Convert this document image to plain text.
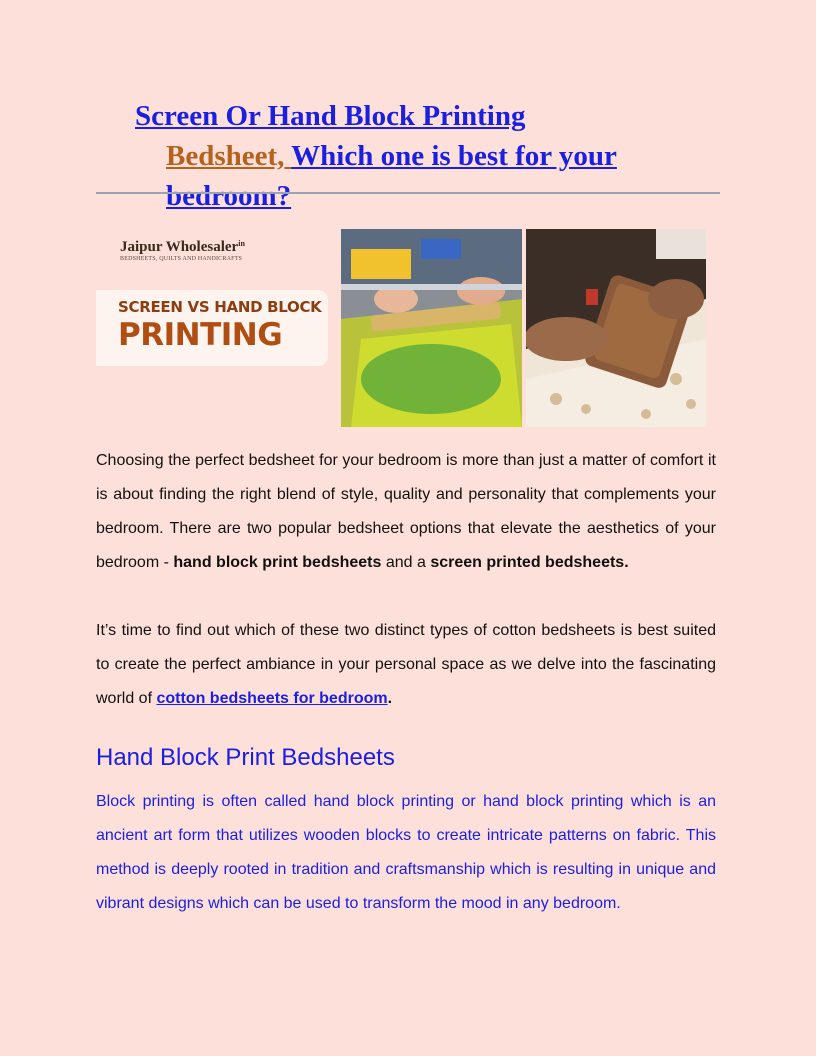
Screen Or Hand Block Printing
Bedsheet, Which one is best for your bedroom?
Jaipur Wholesaler$^{in}$
BEDSHEETS, QUILTS AND HANDICRAFTS
SCREEN VS HAND BLOCK
PRINTING

Choosing the perfect bedsheet for your bedroom is more than just a matter of comfort it is about finding the right blend of style, quality and personality that complements your bedroom. There are two popular bedsheet options that elevate the aesthetics of your bedroom - hand block print bedsheets and a screen printed bedsheets.

It’s time to find out which of these two distinct types of cotton bedsheets is best suited to create the perfect ambiance in your personal space as we delve into the fascinating world of cotton bedsheets for bedroom.

Hand Block Print Bedsheets

Block printing is often called hand block printing or hand block printing which is an ancient art form that utilizes wooden blocks to create intricate patterns on fabric. This method is deeply rooted in tradition and craftsmanship which is resulting in unique and vibrant designs which can be used to transform the mood in any bedroom.
